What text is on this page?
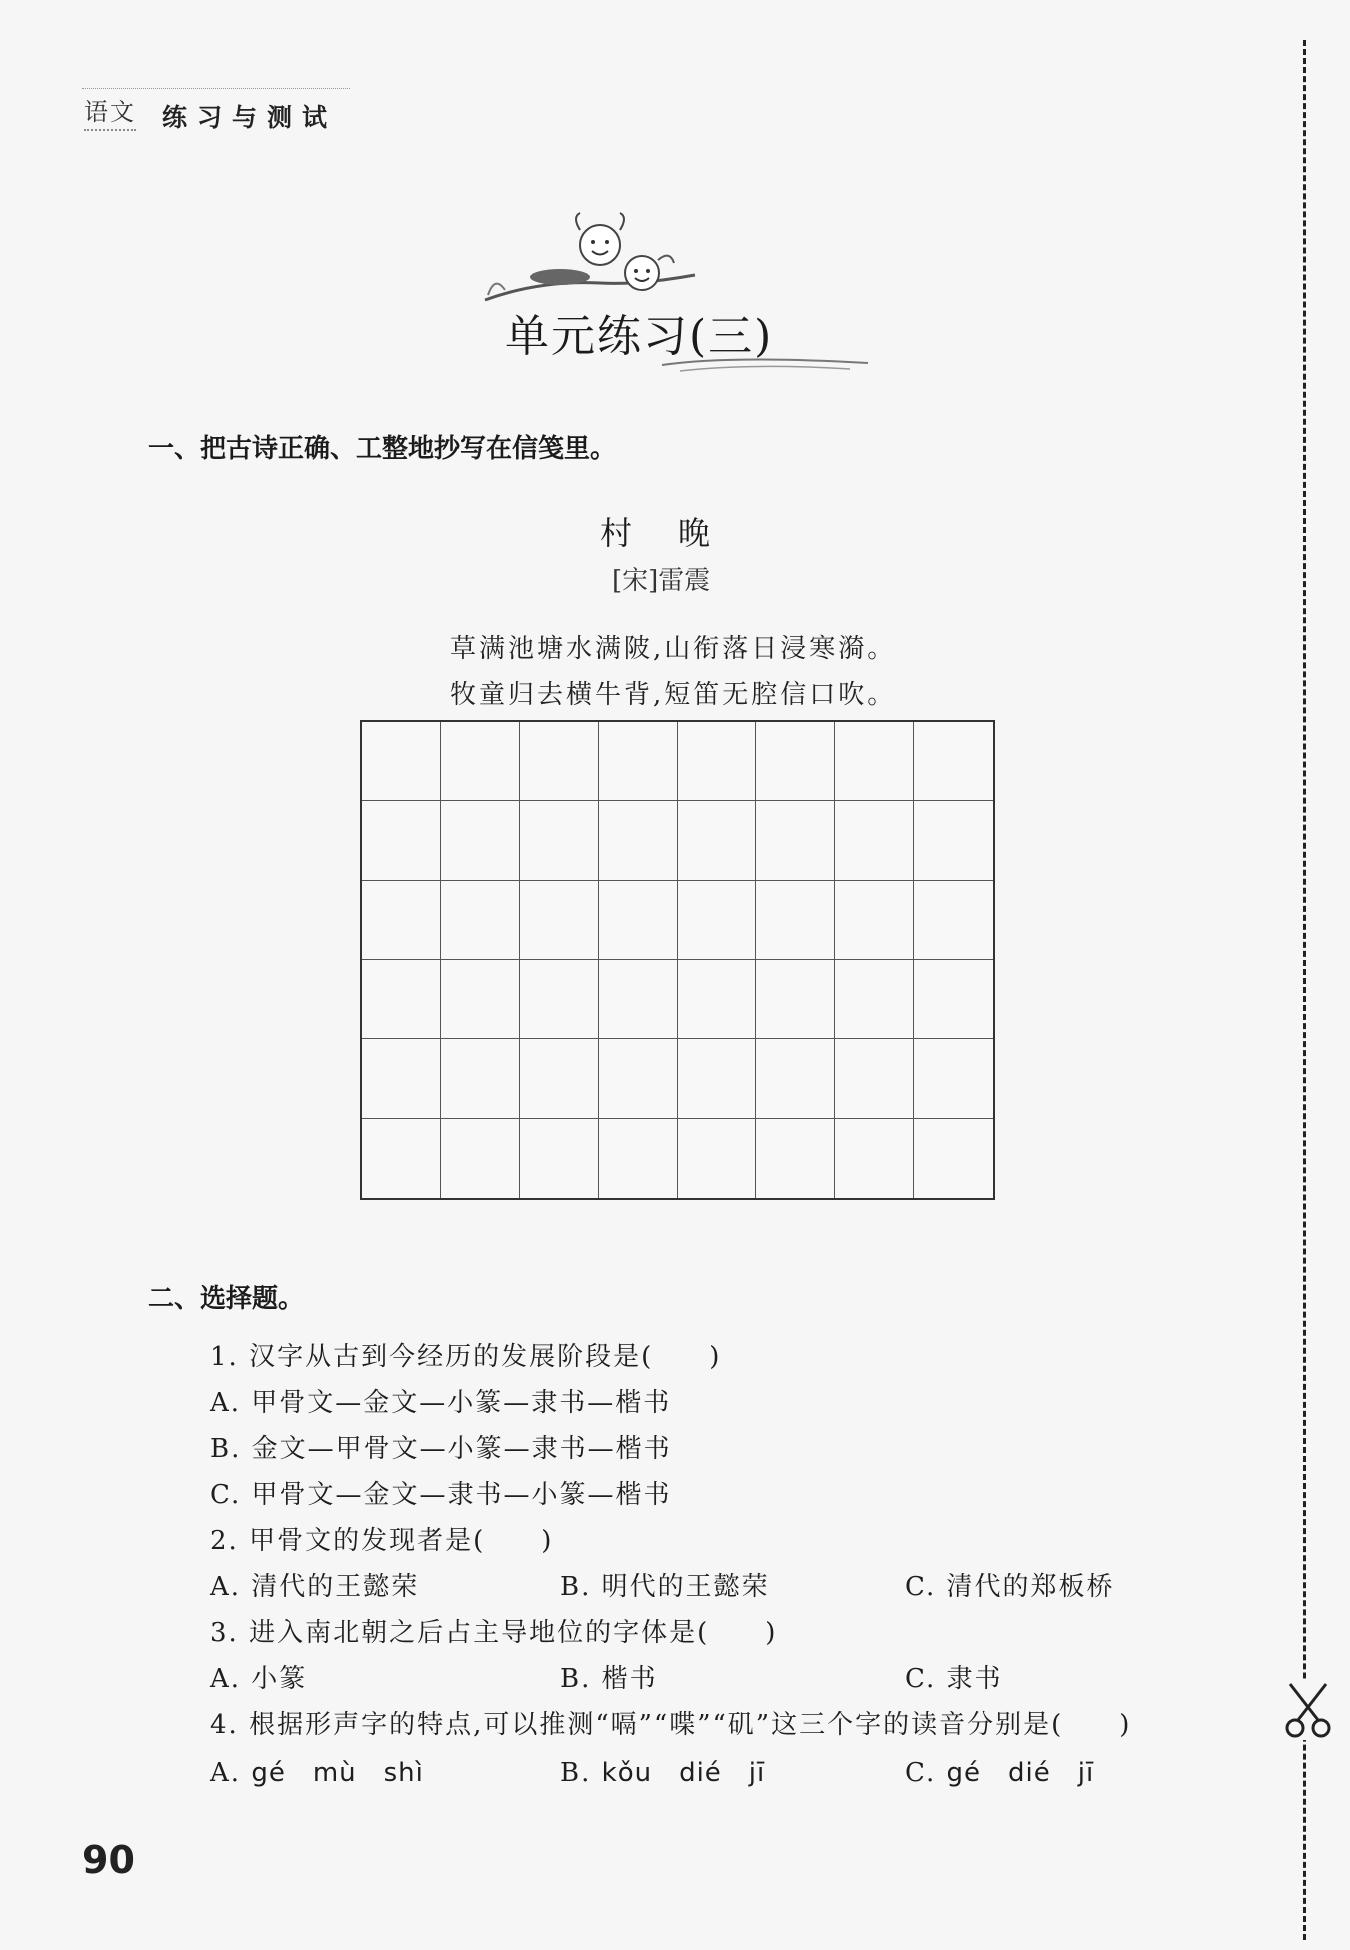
语文 练习与测试
单元练习(三)
一、把古诗正确、工整地抄写在信笺里。
村晚
[宋]雷震
草满池塘水满陂,山衔落日浸寒漪。
牧童归去横牛背,短笛无腔信口吹。
二、选择题。
1. 汉字从古到今经历的发展阶段是(　　)
A. 甲骨文—金文—小篆—隶书—楷书
B. 金文—甲骨文—小篆—隶书—楷书
C. 甲骨文—金文—隶书—小篆—楷书
2. 甲骨文的发现者是(　　)
A. 清代的王懿荣	B. 明代的王懿荣	C. 清代的郑板桥
3. 进入南北朝之后占主导地位的字体是(　　)
A. 小篆	B. 楷书	C. 隶书
4. 根据形声字的特点,可以推测“嗝”“喋”“矶”这三个字的读音分别是(　　)
A. gé　mù　shì	B. kǒu　dié　jī	C. gé　dié　jī
90
